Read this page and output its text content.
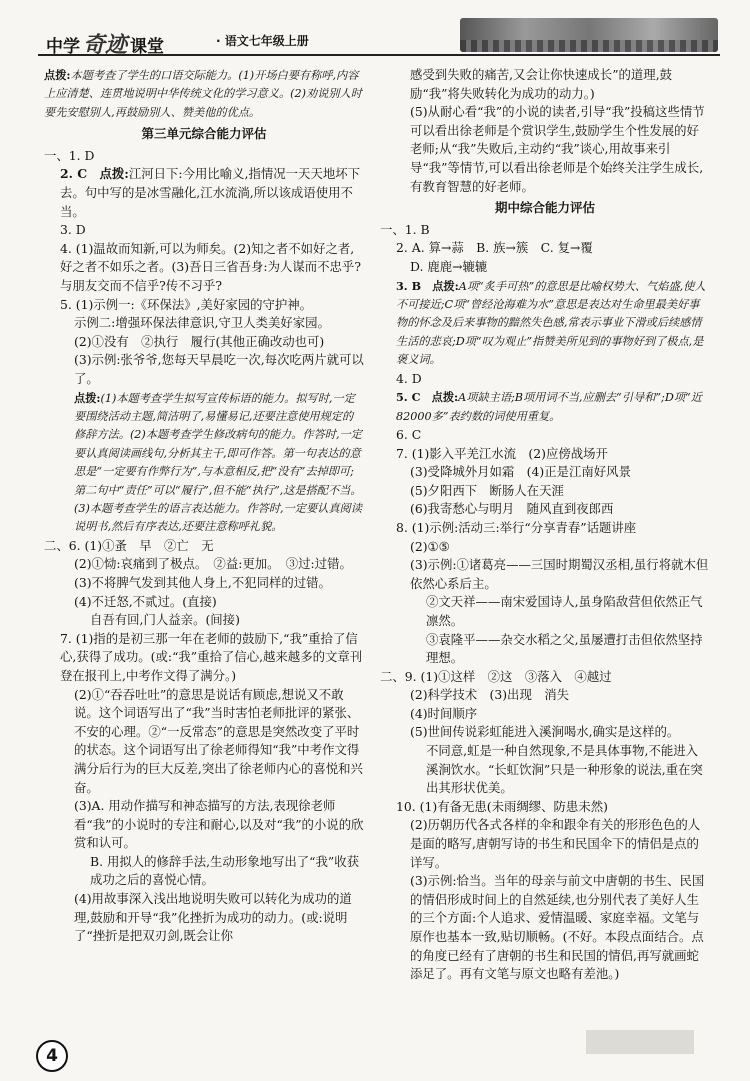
中学 奇迹 课堂	· 语文七年级上册
点拨:本题考查了学生的口语交际能力。(1)开场白要有称呼,内容上应清楚、连贯地说明中华传统文化的学习意义。(2)劝说别人时要先安慰别人,再鼓励别人、赞美他的优点。
第三单元综合能力评估
一、1. D
2. C　点拨:江河日下:今用比喻义,指情况一天天地坏下去。句中写的是冰雪融化,江水流淌,所以该成语使用不当。
3. D
4. (1)温故而知新,可以为师矣。(2)知之者不如好之者,好之者不如乐之者。(3)吾日三省吾身:为人谋而不忠乎?与朋友交而不信乎?传不习乎?
5. (1)示例一:《环保法》,美好家园的守护神。
示例二:增强环保法律意识,守卫人类美好家园。
(2)①没有　②执行　履行(其他正确改动也可)
(3)示例:张爷爷,您每天早晨吃一次,每次吃两片就可以了。
点拨:(1)本题考查学生拟写宣传标语的能力。拟写时,一定要围绕活动主题,简洁明了,易懂易记,还要注意使用规定的修辞方法。(2)本题考查学生修改病句的能力。作答时,一定要认真阅读画线句,分析其主干,即可作答。第一句表达的意思是“一定要有作弊行为”,与本意相反,把“没有”去掉即可;第二句中“责任”可以“履行”,但不能“执行”,这是搭配不当。(3)本题考查学生的语言表达能力。作答时,一定要认真阅读说明书,然后有序表达,还要注意称呼礼貌。
二、6. (1)①蚤　早　②亡　无
(2)①恸:哀痛到了极点。　②益:更加。　③过:过错。
(3)不将脾气发到其他人身上,不犯同样的过错。
(4)不迁怒,不贰过。(直接)
自吾有回,门人益亲。(间接)
7. (1)指的是初三那一年在老师的鼓励下,“我”重拾了信心,获得了成功。(或:“我”重拾了信心,越来越多的文章刊登在报刊上,中考作文得了满分。)
(2)①“吞吞吐吐”的意思是说话有顾虑,想说又不敢说。这个词语写出了“我”当时害怕老师批评的紧张、不安的心理。②“一反常态”的意思是突然改变了平时的状态。这个词语写出了徐老师得知“我”中考作文得满分后行为的巨大反差,突出了徐老师内心的喜悦和兴奋。
(3)A. 用动作描写和神态描写的方法,表现徐老师看“我”的小说时的专注和耐心,以及对“我”的小说的欣赏和认可。
B. 用拟人的修辞手法,生动形象地写出了“我”收获成功之后的喜悦心情。
(4)用故事深入浅出地说明失败可以转化为成功的道理,鼓励和开导“我”化挫折为成功的动力。(或:说明了“挫折是把双刃剑,既会让你
感受到失败的痛苦,又会让你快速成长”的道理,鼓励“我”将失败转化为成功的动力。)
(5)从耐心看“我”的小说的读者,引导“我”投稿这些情节可以看出徐老师是个赏识学生,鼓励学生个性发展的好老师;从“我”失败后,主动约“我”谈心,用故事来引导“我”等情节,可以看出徐老师是个始终关注学生成长,有教育智慧的好老师。
期中综合能力评估
一、1. B
2. A. 算→蒜　B. 族→簇　C. 复→覆
D. 鹿鹿→辘辘
3. B　点拨:A项“炙手可热”的意思是比喻权势大、气焰盛,使人不可接近;C项“曾经沧海难为水”意思是表达对生命里最美好事物的怀念及后来事物的黯然失色感,常表示事业下滑或后续感情生活的悲哀;D项“叹为观止”指赞美所见到的事物好到了极点,是褒义词。
4. D
5. C　点拨:A项缺主语;B项用词不当,应删去“引导和”;D项“近82000多”表约数的词使用重复。
6. C
7. (1)影入平羌江水流　(2)应傍战场开
(3)受降城外月如霜　(4)正是江南好风景
(5)夕阳西下　断肠人在天涯
(6)我寄愁心与明月　随风直到夜郎西
8. (1)示例:活动三:举行“分享青春”话题讲座
(2)①⑤
(3)示例:①诸葛亮——三国时期蜀汉丞相,虽行将就木但依然心系后主。
②文天祥——南宋爱国诗人,虽身陷敌营但依然正气凛然。
③袁隆平——杂交水稻之父,虽屡遭打击但依然坚持理想。
二、9. (1)①这样　②这　③落入　④越过
(2)科学技术　(3)出现　消失
(4)时间顺序
(5)世间传说彩虹能进入溪涧喝水,确实是这样的。
不同意,虹是一种自然现象,不是具体事物,不能进入溪涧饮水。“长虹饮涧”只是一种形象的说法,重在突出其形状优美。
10. (1)有备无患(未雨绸缪、防患未然)
(2)历朝历代各式各样的伞和跟伞有关的形形色色的人是面的略写,唐朝写诗的书生和民国伞下的情侣是点的详写。
(3)示例:恰当。当年的母亲与前文中唐朝的书生、民国的情侣形成时间上的自然延续,也分别代表了美好人生的三个方面:个人追求、爱情温暖、家庭幸福。文笔与原作也基本一致,贴切顺畅。(不好。本段点面结合。点的角度已经有了唐朝的书生和民国的情侣,再写就画蛇添足了。再有文笔与原文也略有差池。)
4
